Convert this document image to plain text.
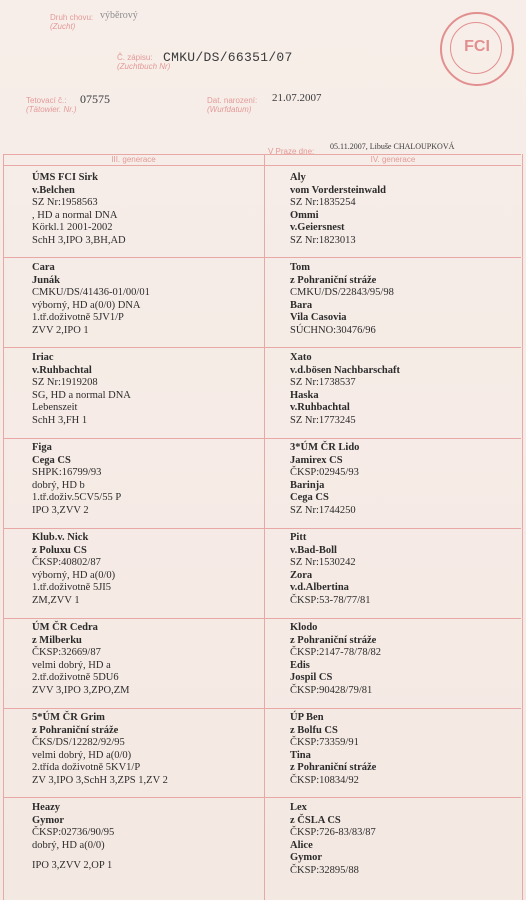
Druh chovu:
(Zucht)
výběrový
Č. zápisu:
(Zuchtbuch Nr)
CMKU/DS/66351/07
Tetovací č.:
(Tätowier. Nr.)
07575	Dat. narození:
(Wurfdatum)
21.07.2007
V Praze dne:
05.11.2007, Libuše CHALOUPKOVÁ
FCI
III. generace	IV. generace
ÚMS FCI Sirk
v.Belchen
SZ Nr:1958563
, HD a normal DNA
Körkl.1 2001-2002
SchH 3,IPO 3,BH,AD
Aly
vom Vordersteinwald
SZ Nr:1835254
Ommi
v.Geiersnest
SZ Nr:1823013
Cara
Junák
CMKU/DS/41436-01/00/01
výborný, HD a(0/0) DNA
1.tř.doživotně 5JV1/P
ZVV 2,IPO 1
Tom
z Pohraniční stráže
CMKU/DS/22843/95/98
Bara
Vila Casovia
SÚCHNO:30476/96
Iriac
v.Ruhbachtal
SZ Nr:1919208
SG, HD a normal DNA
Lebenszeit
SchH 3,FH 1
Xato
v.d.bösen Nachbarschaft
SZ Nr:1738537
Haska
v.Ruhbachtal
SZ Nr:1773245
Figa
Cega CS
SHPK:16799/93
dobrý, HD b
1.tř.doživ.5CV5/55 P
IPO 3,ZVV 2
3*ÚM ČR Lido
Jamirex CS
ČKSP:02945/93
Barinja
Cega CS
SZ Nr:1744250
Klub.v. Nick
z Poluxu CS
ČKSP:40802/87
výborný, HD a(0/0)
1.tř.doživotně 5JI5
ZM,ZVV 1
Pitt
v.Bad-Boll
SZ Nr:1530242
Zora
v.d.Albertina
ČKSP:53-78/77/81
ÚM ČR Cedra
z Milberku
ČKSP:32669/87
velmi dobrý, HD a
2.tř.doživotně 5DU6
ZVV 3,IPO 3,ZPO,ZM
Klodo
z Pohraniční stráže
ČKSP:2147-78/78/82
Edis
Jospil CS
ČKSP:90428/79/81
5*ÚM ČR Grim
z Pohraniční stráže
ČKS/DS/12282/92/95
velmi dobrý, HD a(0/0)
2.třída doživotně 5KV1/P
ZV 3,IPO 3,SchH 3,ZPS 1,ZV 2
ÚP Ben
z Bolfu CS
ČKSP:73359/91
Tina
z Pohraniční stráže
ČKSP:10834/92
Heazy
Gymor
ČKSP:02736/90/95
dobrý, HD a(0/0)
IPO 3,ZVV 2,OP 1
Lex
z ČSLA CS
ČKSP:726-83/83/87
Alice
Gymor
ČKSP:32895/88
